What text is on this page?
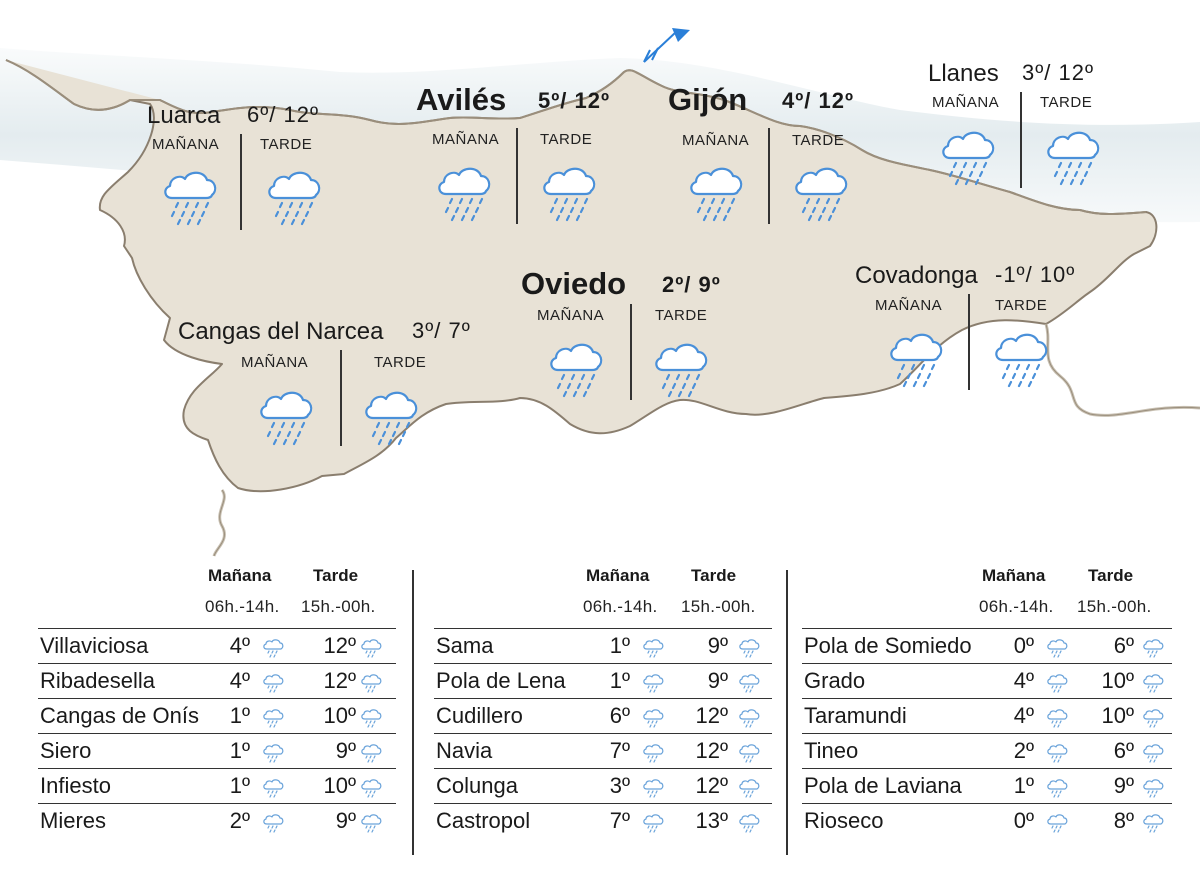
Luarca 6º/ 12º
MAÑANA	TARDE
Avilés 5º/ 12º
MAÑANA	TARDE
Gijón 4º/ 12º
MAÑANA	TARDE
Llanes 3º/ 12º
MAÑANA	TARDE
Oviedo 2º/ 9º
MAÑANA	TARDE
Covadonga -1º/ 10º
MAÑANA	TARDE
Cangas del Narcea 3º/ 7º
MAÑANA	TARDE
Mañana Tarde
06h.-14h. 15h.-00h.
Villaviciosa	4º	12º
Ribadesella	4º	12º
Cangas de Onís	1º	10º
Siero	1º	9º
Infiesto	1º	10º
Mieres	2º	9º
Mañana Tarde
06h.-14h. 15h.-00h.
Sama	1º	9º
Pola de Lena	1º	9º
Cudillero	6º	12º
Navia	7º	12º
Colunga	3º	12º
Castropol	7º	13º
Mañana	Tarde
06h.-14h. 15h.-00h.
Pola de Somiedo	0º	6º
Grado	4º	10º
Taramundi	4º	10º
Tineo	2º	6º
Pola de Laviana	1º	9º
Rioseco	0º	8º
